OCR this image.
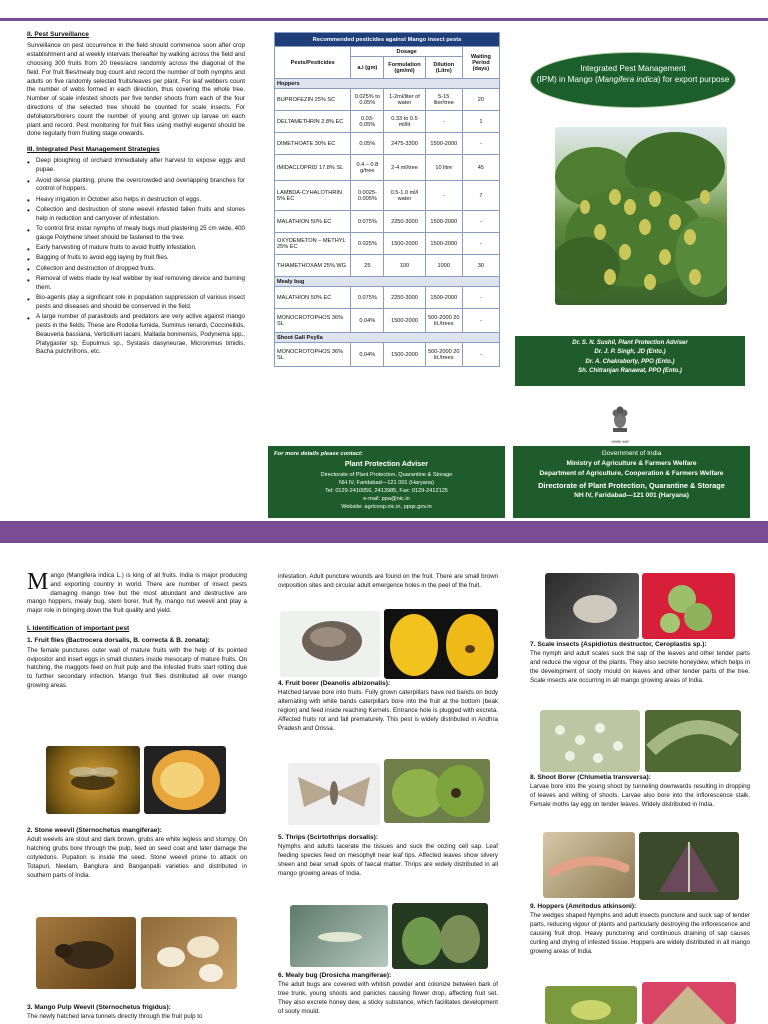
II. Pest Surveillance

Surveillance on pest occurrence in the field should commence soon after crop establishment and at weekly intervals thereafter by walking across the field and choosing 300 fruits from 20 trees/acre randomly across the diagonal of the field. For fruit flies/mealy bug count and record the number of both nymphs and adults on five randomly selected fruits/leaves per plant. For leaf webbers count the number of webs formed in each direction, thus covering the whole tree. Number of scale infested shoots per five tender shoots from each of the four directions of the selected tree should be counted for scale insects. For defoliators/borers count the number of young and grown up larvae on each plant and record. Pest monitoring for fruit flies using methyl eugenol should be done regularly from fruiting stage onwards.

III. Integrated Pest Management Strategies
• Deep ploughing of orchard immediately after harvest to expose eggs and pupae.
• Avoid dense planting, prune the overcrowded and overlapping branches for control of hoppers.
• Heavy irrigation in October also helps in destruction of eggs.
• Collection and destruction of stone weevil infested fallen fruits and stones help in reduction and carryover of infestation.
• To control first instar nymphs of mealy bugs mud plastering 25 cm wide, 400 gauge Polythene sheet should be fastened to the tree.
• Early harvesting of mature fruits to avoid fruitfly infestation.
• Bagging of fruits to avoid egg laying by fruit flies.
• Collection and destruction of dropped fruits.
• Removal of webs made by leaf webber by leaf removing device and burning them.
• Bio-agents play a significant role in population suppression of various insect pests and diseases and should be conserved in the field.
• A large number of parasitoids and predators are very active against mango pests in the fields. These are Rodolia fumida, Suminus renardi, Coccinellids, Beauveria bassiana, Verticilium lacani, Mallada boninensis, Podynema spp., Platygaster sp, Eupulmus sp., Systasis dasyneurae, Micronimus timidis, Bacha pulchrifrons, etc.
Recommended pesticides against Mango insect pests				
Pests/Pesticides	Dosage			Waiting Period (days)
	a.i (gm)	Formulation (gm/ml)	Dilution (Litre)	
Hoppers				
BUPROFEZIN 25% SC	0.025% to 0.05%	1-2ml/liter of water	5-15 liter/tree	20
DELTAMETHRIN 2.8% EC	0.03-0.05%	0.33 to 0.5 ml/lit	-	1
DIMETHOATE 30% EC	0.05%	2475-3300	1500-2000	-
IMIDACLOPRID 17.8% SL	0.4 – 0.8 g/tree	2-4 ml/tree	10 litre	45
LAMBDA-CYHALOTHRIN 5% EC	0.0025-0.005%	0.5-1.0 ml/l water	-	7
MALATHION 50% EC	0.075%	2250-3000	1500-2000	-
OXYDEMETON – METHYL 25% EC	0.025%	1500-2000	1500-2000	-
THIAMETHOXAM 25% WG	25	100	1000	30
Mealy bug				
MALATHION 50% EC	0.075%	2250-3000	1500-2000	-
MONOCROTOPHOS 36% SL	0.04%	1500-2000	500-2000 20 lit./trees	-
Shoot Gall Psylla				
MONOCROTOPHOS 36% SL	0.04%	1500-2000	500-2000 20 lit./trees	-
For more details please contact:
Plant Protection Adviser
Directorate of Plant Protection, Quarantine & Storage
NH IV, Faridabad—121 001 (Haryana)
Tel: 0129-2410056, 2413985, Fax: 0129-2412125
e-mail: ppa@nic.in
Website: agricoop.nic.in, ppqs.gov.in
Integrated Pest Management
(IPM) in Mango (Mangifera indica) for export purpose
Dr. S. N. Sushil, Plant Protection Adviser
Dr. J. P. Singh, JD (Ento.)
Dr. A. Chakraborty, PPO (Ento.)
Sh. Chitranjan Ranawat, PPO (Ento.)
सत्यमेव जयते
Government of India
Ministry of Agriculture & Farmers Welfare
Department of Agriculture, Cooperation & Farmers Welfare
Directorate of Plant Protection, Quarantine & Storage
NH IV, Faridabad—121 001 (Haryana)

Mango (Mangifera indica L.) is king of all fruits. India is major producing and exporting country in world. There are number of insect pests damaging mango tree but the most abundant and destructive are mango hoppers, mealy bug, stem borer, fruit fly, mango nut weevil and play a major role in bringing down the fruit quality and yield.

I. Identification of important pest
1. Fruit flies (Bactrocera dorsalis, B. correcta & B. zonata):

The female punctures outer wall of mature fruits with the help of its pointed ovipositor and insert eggs in small clusters inside mesocarp of mature fruits. On hatching, the maggots feed on fruit pulp and the infested fruits start rotting due to further secondary infection. Mango fruit flies distributed all over mango growing areas.

2. Stone weevil (Sternochetus mangiferae):

Adult weevils are stout and dark brown, grubs are white legless and stumpy. On hatching grubs bore through the pulp, feed on seed coat and later damage the cotyledons. Pupation is inside the seed. Stone weevil prone to attack on Totapuri, Neelam, Banglura and Banganpalli varieties and distributed in southern parts of India.

3. Mango Pulp Weevil (Sternochetus frigidus):

The newly hatched larva tunnels directly through the fruit pulp to

infestation. Adult puncture wounds are found on the fruit. There are small brown oviposition sites and circular adult emergence holes in the peel of the fruit.

4. Fruit borer (Deanolis albizonalis):

Hatched larvae bore into fruits. Fully grown caterpillars have red bands on body alternating with white bands caterpillars bore into the fruit at the bottom (beak region) and feed inside reaching Kernels. Entrance hole is plugged with excreta. Affected fruits rot and fall prematurely. This pest is widely distributed in Andhra Pradesh and Orissa.

5. Thrips (Scirtothrips dorsalis):

Nymphs and adults lacerate the tissues and suck the oozing cell sap. Leaf feeding species feed on mesophyll near leaf tips. Affected leaves show silvery sheen and bear small spots of faecal matter. Thrips are widely distributed in all mango growing areas of India.

6. Mealy bug (Drosicha mangiferae):

The adult bugs are covered with whitish powder and colonize between bark of tree trunk, young shoots and panicles causing flower drop, affecting fruit set. They also excrete honey dew, a sticky substance, which facilitates development of sooty mould.

7. Scale insects (Aspidiotus destructor, Ceroplastis sp.):

The nymph and adult scales suck the sap of the leaves and other tender parts and reduce the vigour of the plants. They also secrete honeydew, which helps in the development of sooty mould on leaves and other tender parts of the tree. Scale insects are occurring in all mango growing areas of India.

8. Shoot Borer (Chlumetia transversa):

Larvae bore into the young shoot by tunneling downwards resulting in dropping of leaves and wilting of shoots. Larvae also bore into the inflorescence stalk. Female moths lay egg on tender leaves. Widely distributed in India.

9. Hoppers (Amritodus atkinsoni):

The wedges shaped Nymphs and adult insects puncture and suck sap of tender parts, reducing vigour of plants and particularly destroying the inflorescence and causing fruit drop. Heavy puncturing and continuous draining of sap causes curling and drying of infested tissue. Hoppers are widely distributed in all mango growing areas of India.
